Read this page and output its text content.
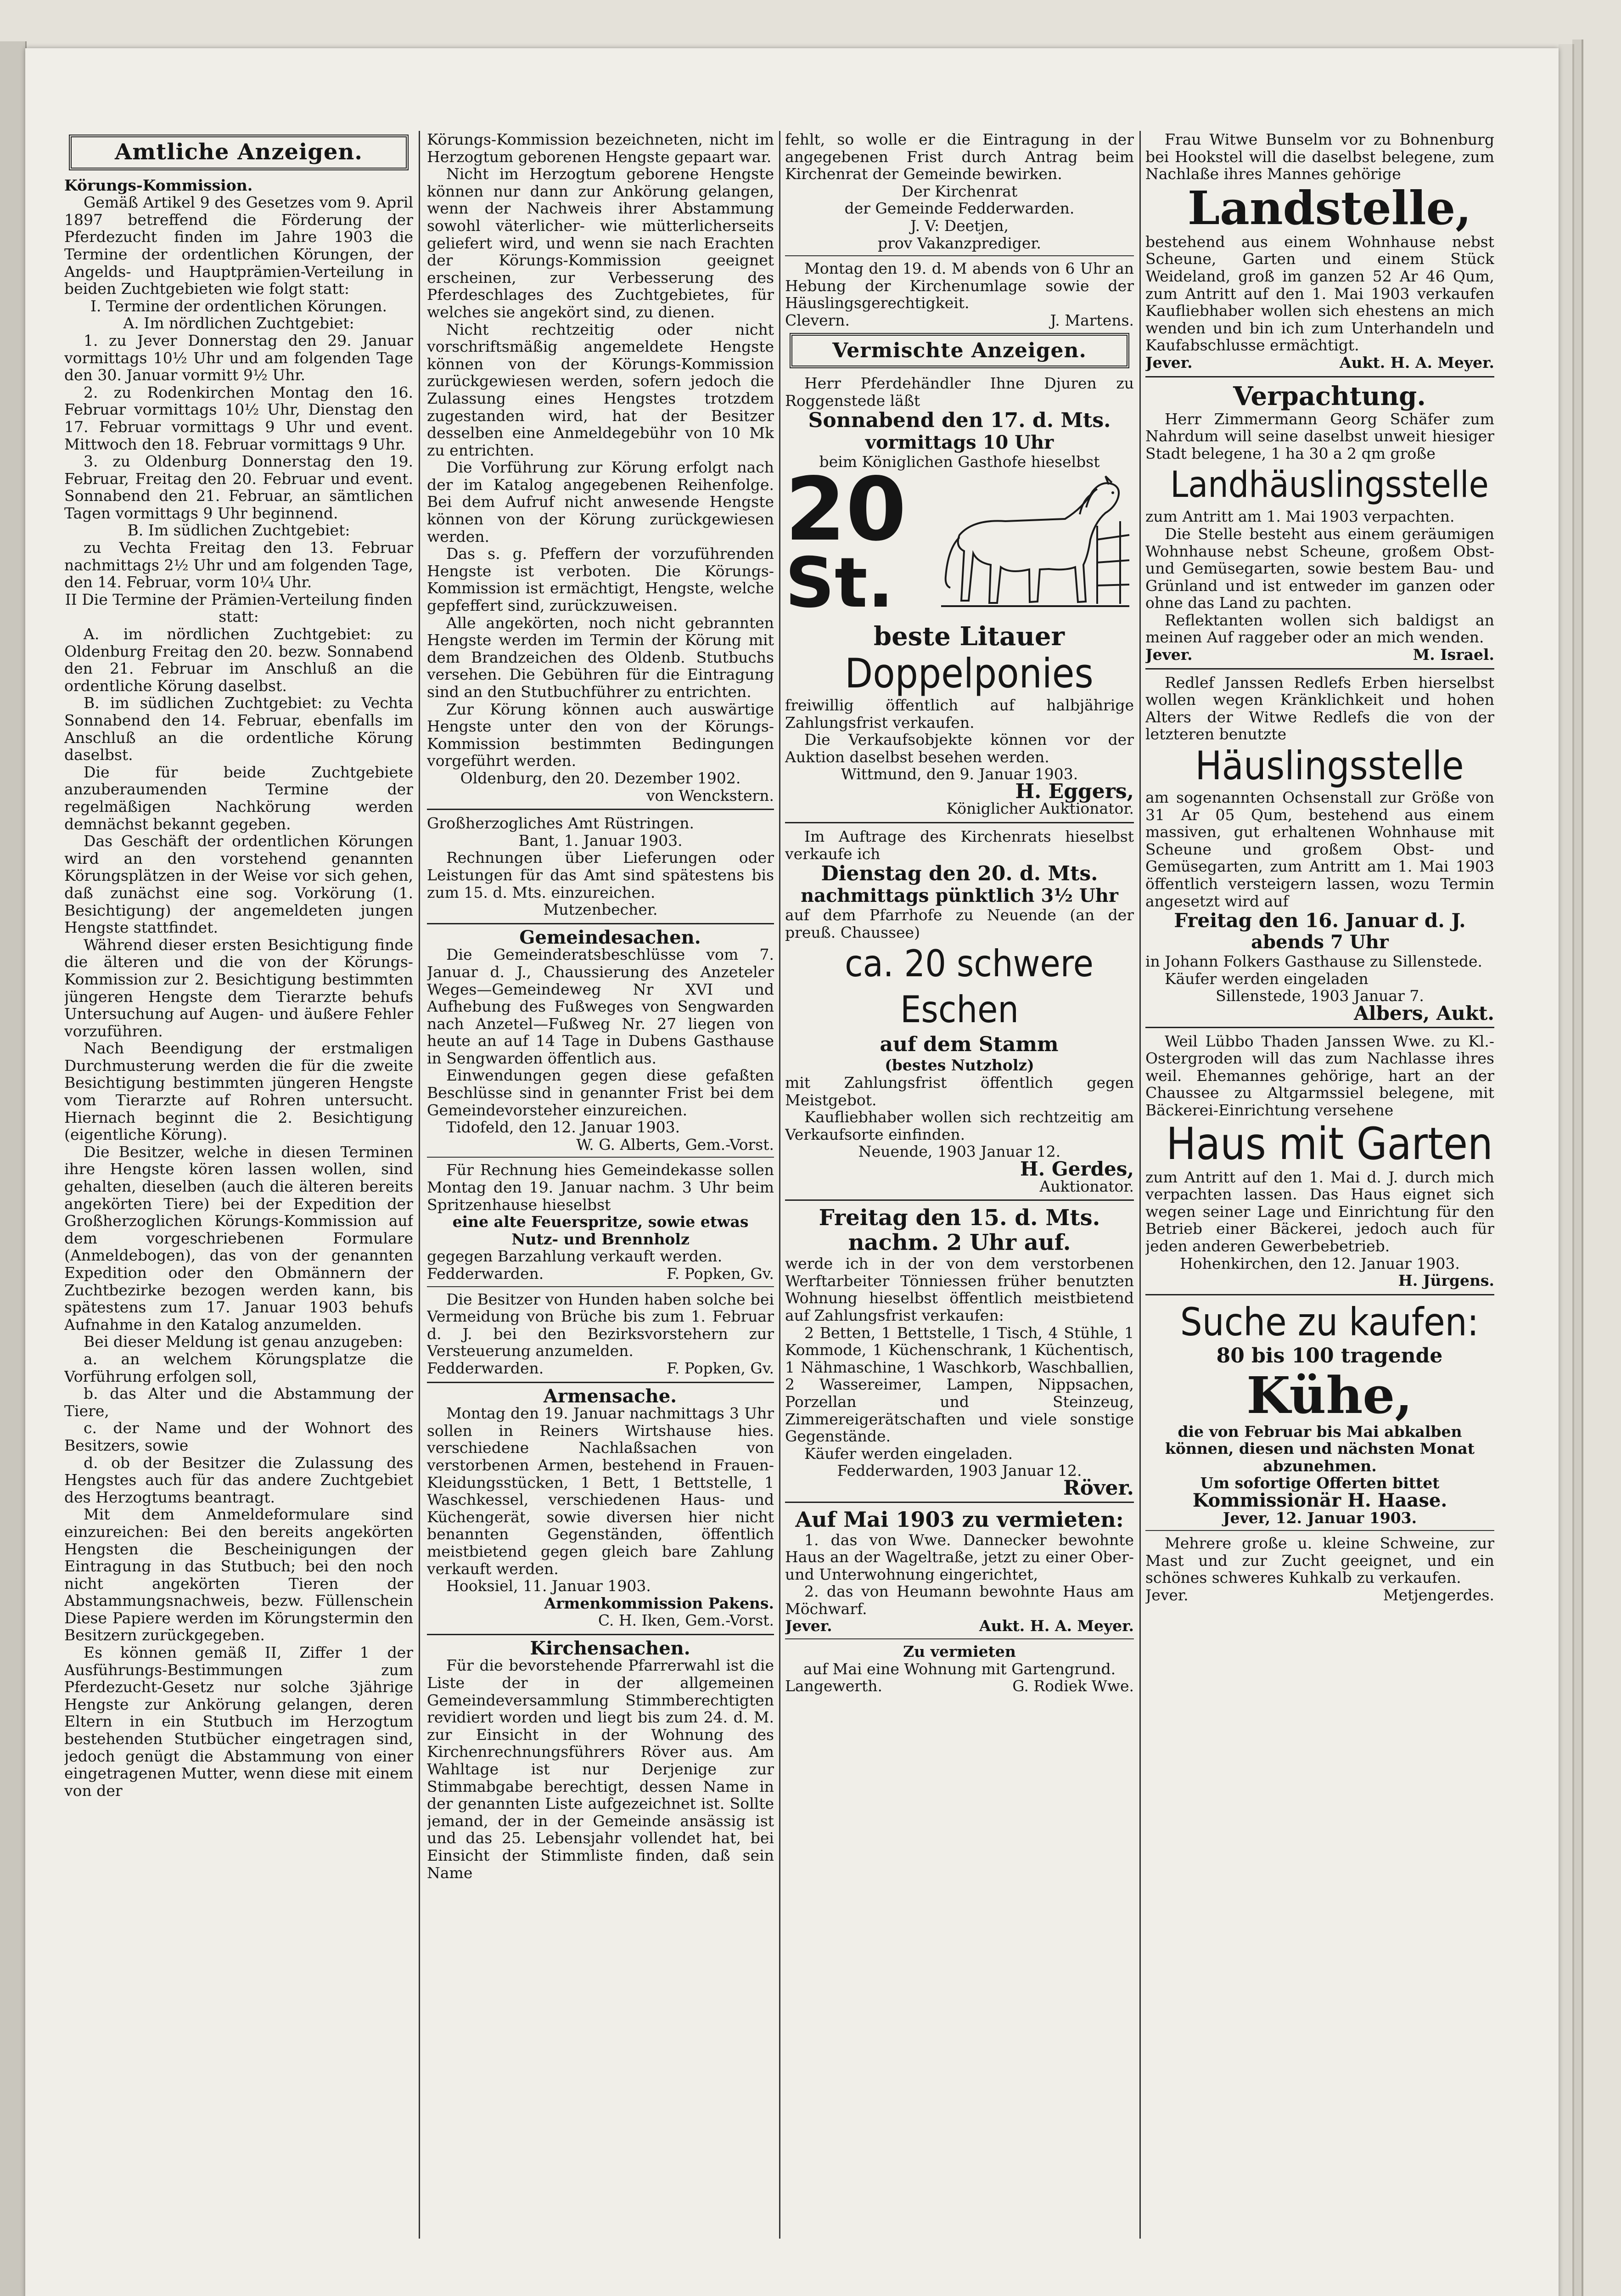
Amtliche Anzeigen.

Körungs-Kommission.

Gemäß Artikel 9 des Gesetzes vom 9. April 1897 betreffend die Förderung der Pferdezucht finden im Jahre 1903 die Termine der ordentlichen Körungen, der Angelds- und Hauptprämien-Verteilung in beiden Zuchtgebieten wie folgt statt:

I. Termine der ordentlichen Körungen.

A. Im nördlichen Zuchtgebiet:

1. zu Jever Donnerstag den 29. Januar vormittags 10½ Uhr und am folgenden Tage den 30. Januar vormitt 9½ Uhr.

2. zu Rodenkirchen Montag den 16. Februar vormittags 10½ Uhr, Dienstag den 17. Februar vormittags 9 Uhr und event. Mittwoch den 18. Februar vormittags 9 Uhr.

3. zu Oldenburg Donnerstag den 19. Februar, Freitag den 20. Februar und event. Sonnabend den 21. Februar, an sämtlichen Tagen vormittags 9 Uhr beginnend.

B. Im südlichen Zuchtgebiet:

zu Vechta Freitag den 13. Februar nachmittags 2½ Uhr und am folgenden Tage, den 14. Februar, vorm 10¼ Uhr.

II Die Termine der Prämien-Verteilung finden statt:

A. im nördlichen Zuchtgebiet: zu Oldenburg Freitag den 20. bezw. Sonnabend den 21. Februar im Anschluß an die ordentliche Körung daselbst.

B. im südlichen Zuchtgebiet: zu Vechta Sonnabend den 14. Februar, ebenfalls im Anschluß an die ordentliche Körung daselbst.

Die für beide Zuchtgebiete anzuberaumenden Termine der regelmäßigen Nachkörung werden demnächst bekannt gegeben.

Das Geschäft der ordentlichen Körungen wird an den vorstehend genannten Körungsplätzen in der Weise vor sich gehen, daß zunächst eine sog. Vorkörung (1. Besichtigung) der angemeldeten jungen Hengste stattfindet.

Während dieser ersten Besichtigung finde die älteren und die von der Körungs-Kommission zur 2. Besichtigung bestimmten jüngeren Hengste dem Tierarzte behufs Untersuchung auf Augen- und äußere Fehler vorzuführen.

Nach Beendigung der erstmaligen Durchmusterung werden die für die zweite Besichtigung bestimmten jüngeren Hengste vom Tierarzte auf Rohren untersucht. Hiernach beginnt die 2. Besichtigung (eigentliche Körung).

Die Besitzer, welche in diesen Terminen ihre Hengste kören lassen wollen, sind gehalten, dieselben (auch die älteren bereits angekörten Tiere) bei der Expedition der Großherzoglichen Körungs-Kommission auf dem vorgeschriebenen Formulare (Anmeldebogen), das von der genannten Expedition oder den Obmännern der Zuchtbezirke bezogen werden kann, bis spätestens zum 17. Januar 1903 behufs Aufnahme in den Katalog anzumelden.

Bei dieser Meldung ist genau anzugeben:

a. an welchem Körungsplatze die Vorführung erfolgen soll,

b. das Alter und die Abstammung der Tiere,

c. der Name und der Wohnort des Besitzers, sowie

d. ob der Besitzer die Zulassung des Hengstes auch für das andere Zuchtgebiet des Herzogtums beantragt.

Mit dem Anmeldeformulare sind einzureichen: Bei den bereits angekörten Hengsten die Bescheinigungen der Eintragung in das Stutbuch; bei den noch nicht angekörten Tieren der Abstammungsnachweis, bezw. Füllenschein Diese Papiere werden im Körungstermin den Besitzern zurückgegeben.

Es können gemäß II, Ziffer 1 der Ausführungs-Bestimmungen zum Pferdezucht-Gesetz nur solche 3jährige Hengste zur Ankörung gelangen, deren Eltern in ein Stutbuch im Herzogtum bestehenden Stutbücher eingetragen sind, jedoch genügt die Abstammung von einer eingetragenen Mutter, wenn diese mit einem von der

Körungs-Kommission bezeichneten, nicht im Herzogtum geborenen Hengste gepaart war.

Nicht im Herzogtum geborene Hengste können nur dann zur Ankörung gelangen, wenn der Nachweis ihrer Abstammung sowohl väterlicher- wie mütterlicherseits geliefert wird, und wenn sie nach Erachten der Körungs-Kommission geeignet erscheinen, zur Verbesserung des Pferdeschlages des Zuchtgebietes, für welches sie angekört sind, zu dienen.

Nicht rechtzeitig oder nicht vorschriftsmäßig angemeldete Hengste können von der Körungs-Kommission zurückgewiesen werden, sofern jedoch die Zulassung eines Hengstes trotzdem zugestanden wird, hat der Besitzer desselben eine Anmeldegebühr von 10 Mk zu entrichten.

Die Vorführung zur Körung erfolgt nach der im Katalog angegebenen Reihenfolge. Bei dem Aufruf nicht anwesende Hengste können von der Körung zurückgewiesen werden.

Das s. g. Pfeffern der vorzuführenden Hengste ist verboten. Die Körungs-Kommission ist ermächtigt, Hengste, welche gepfeffert sind, zurückzuweisen.

Alle angekörten, noch nicht gebrannten Hengste werden im Termin der Körung mit dem Brandzeichen des Oldenb. Stutbuchs versehen. Die Gebühren für die Eintragung sind an den Stutbuchführer zu entrichten.

Zur Körung können auch auswärtige Hengste unter den von der Körungs-Kommission bestimmten Bedingungen vorgeführt werden.

Oldenburg, den 20. Dezember 1902.

von Wenckstern.

Großherzogliches Amt Rüstringen.

Bant, 1. Januar 1903.

Rechnungen über Lieferungen oder Leistungen für das Amt sind spätestens bis zum 15. d. Mts. einzureichen.

Mutzenbecher.

Gemeindesachen.

Die Gemeinderatsbeschlüsse vom 7. Januar d. J., Chaussierung des Anzeteler Weges—Gemeindeweg Nr XVI und Aufhebung des Fußweges von Sengwarden nach Anzetel—Fußweg Nr. 27 liegen von heute an auf 14 Tage in Dubens Gasthause in Sengwarden öffentlich aus.

Einwendungen gegen diese gefaßten Beschlüsse sind in genannter Frist bei dem Gemeindevorsteher einzureichen.

Tidofeld, den 12. Januar 1903.

W. G. Alberts, Gem.-Vorst.

Für Rechnung hies Gemeindekasse sollen Montag den 19. Januar nachm. 3 Uhr beim Spritzenhause hieselbst

eine alte Feuerspritze, sowie etwas Nutz- und Brennholz

gegegen Barzahlung verkauft werden.

Fedderwarden.	F. Popken, Gv.

Die Besitzer von Hunden haben solche bei Vermeidung von Brüche bis zum 1. Februar d. J. bei den Bezirksvorstehern zur Versteuerung anzumelden.

Fedderwarden.	F. Popken, Gv.

Armensache.

Montag den 19. Januar nachmittags 3 Uhr sollen in Reiners Wirtshause hies. verschiedene Nachlaßsachen von verstorbenen Armen, bestehend in Frauen-Kleidungsstücken, 1 Bett, 1 Bettstelle, 1 Waschkessel, verschiedenen Haus- und Küchengerät, sowie diversen hier nicht benannten Gegenständen, öffentlich meistbietend gegen gleich bare Zahlung verkauft werden.

Hooksiel, 11. Januar 1903.

Armenkommission Pakens.

C. H. Iken, Gem.-Vorst.

Kirchensachen.

Für die bevorstehende Pfarrerwahl ist die Liste der in der allgemeinen Gemeindeversammlung Stimmberechtigten revidiert worden und liegt bis zum 24. d. M. zur Einsicht in der Wohnung des Kirchenrechnungsführers Röver aus. Am Wahltage ist nur Derjenige zur Stimmabgabe berechtigt, dessen Name in der genannten Liste aufgezeichnet ist. Sollte jemand, der in der Gemeinde ansässig ist und das 25. Lebensjahr vollendet hat, bei Einsicht der Stimmliste finden, daß sein Name

fehlt, so wolle er die Eintragung in der angegebenen Frist durch Antrag beim Kirchenrat der Gemeinde bewirken.

Der Kirchenrat

der Gemeinde Fedderwarden.

J. V: Deetjen,

prov Vakanzprediger.

Montag den 19. d. M abends von 6 Uhr an Hebung der Kirchenumlage sowie der Häuslingsgerechtigkeit.

Clevern.	J. Martens.
Vermischte Anzeigen.

Herr Pferdehändler Ihne Djuren zu Roggenstede läßt

Sonnabend den 17. d. Mts.

vormittags 10 Uhr

beim Königlichen Gasthofe hieselbst

20
St.

beste Litauer

Doppelponies

freiwillig öffentlich auf halbjährige Zahlungsfrist verkaufen.

Die Verkaufsobjekte können vor der Auktion daselbst besehen werden.

Wittmund, den 9. Januar 1903.

H. Eggers,

Königlicher Auktionator.

Im Auftrage des Kirchenrats hieselbst verkaufe ich

Dienstag den 20. d. Mts.

nachmittags pünktlich 3½ Uhr

auf dem Pfarrhofe zu Neuende (an der preuß. Chaussee)

ca. 20 schwere Eschen

auf dem Stamm

(bestes Nutzholz)

mit Zahlungsfrist öffentlich gegen Meistgebot.

Kaufliebhaber wollen sich rechtzeitig am Verkaufsorte einfinden.

Neuende, 1903 Januar 12.

H. Gerdes,

Auktionator.

Freitag den 15. d. Mts.

nachm. 2 Uhr auf.

werde ich in der von dem verstorbenen Werftarbeiter Tönniessen früher benutzten Wohnung hieselbst öffentlich meistbietend auf Zahlungsfrist verkaufen:

2 Betten, 1 Bettstelle, 1 Tisch, 4 Stühle, 1 Kommode, 1 Küchenschrank, 1 Küchentisch, 1 Nähmaschine, 1 Waschkorb, Waschballien, 2 Wassereimer, Lampen, Nippsachen, Porzellan und Steinzeug, Zimmereigerätschaften und viele sonstige Gegenstände.

Käufer werden eingeladen.

Fedderwarden, 1903 Januar 12.

Röver.

Auf Mai 1903 zu vermieten:

1. das von Wwe. Dannecker bewohnte Haus an der Wageltraße, jetzt zu einer Ober- und Unterwohnung eingerichtet,

2. das von Heumann bewohnte Haus am Möchwarf.

Jever.	Aukt. H. A. Meyer.

Zu vermieten

auf Mai eine Wohnung mit Gartengrund.

Langewerth.	G. Rodiek Wwe.

Frau Witwe Bunselm vor zu Bohnenburg bei Hookstel will die daselbst belegene, zum Nachlaße ihres Mannes gehörige

Landstelle,

bestehend aus einem Wohnhause nebst Scheune, Garten und einem Stück Weideland, groß im ganzen 52 Ar 46 Qum, zum Antritt auf den 1. Mai 1903 verkaufen Kaufliebhaber wollen sich ehestens an mich wenden und bin ich zum Unterhandeln und Kaufabschlusse ermächtigt.

Jever.	Aukt. H. A. Meyer.

Verpachtung.

Herr Zimmermann Georg Schäfer zum Nahrdum will seine daselbst unweit hiesiger Stadt belegene, 1 ha 30 a 2 qm große

Landhäuslingsstelle

zum Antritt am 1. Mai 1903 verpachten.

Die Stelle besteht aus einem geräumigen Wohnhause nebst Scheune, großem Obst- und Gemüsegarten, sowie bestem Bau- und Grünland und ist entweder im ganzen oder ohne das Land zu pachten.

Reflektanten wollen sich baldigst an meinen Auf raggeber oder an mich wenden.

Jever.	M. Israel.

Redlef Janssen Redlefs Erben hierselbst wollen wegen Kränklichkeit und hohen Alters der Witwe Redlefs die von der letzteren benutzte

Häuslingsstelle

am sogenannten Ochsenstall zur Größe von 31 Ar 05 Qum, bestehend aus einem massiven, gut erhaltenen Wohnhause mit Scheune und großem Obst- und Gemüsegarten, zum Antritt am 1. Mai 1903 öffentlich versteigern lassen, wozu Termin angesetzt wird auf

Freitag den 16. Januar d. J.

abends 7 Uhr

in Johann Folkers Gasthause zu Sillenstede.

Käufer werden eingeladen

Sillenstede, 1903 Januar 7.

Albers, Aukt.

Weil Lübbo Thaden Janssen Wwe. zu Kl.-Ostergroden will das zum Nachlasse ihres weil. Ehemannes gehörige, hart an der Chaussee zu Altgarmssiel belegene, mit Bäckerei-Einrichtung versehene

Haus mit Garten

zum Antritt auf den 1. Mai d. J. durch mich verpachten lassen. Das Haus eignet sich wegen seiner Lage und Einrichtung für den Betrieb einer Bäckerei, jedoch auch für jeden anderen Gewerbebetrieb.

Hohenkirchen, den 12. Januar 1903.

H. Jürgens.

Suche zu kaufen:

80 bis 100 tragende

Kühe,

die von Februar bis Mai abkalben können, diesen und nächsten Monat abzunehmen.

Um sofortige Offerten bittet

Kommissionär H. Haase.

Jever, 12. Januar 1903.

Mehrere große u. kleine Schweine, zur Mast und zur Zucht geeignet, und ein schönes schweres Kuhkalb zu verkaufen.

Jever.	Metjengerdes.
